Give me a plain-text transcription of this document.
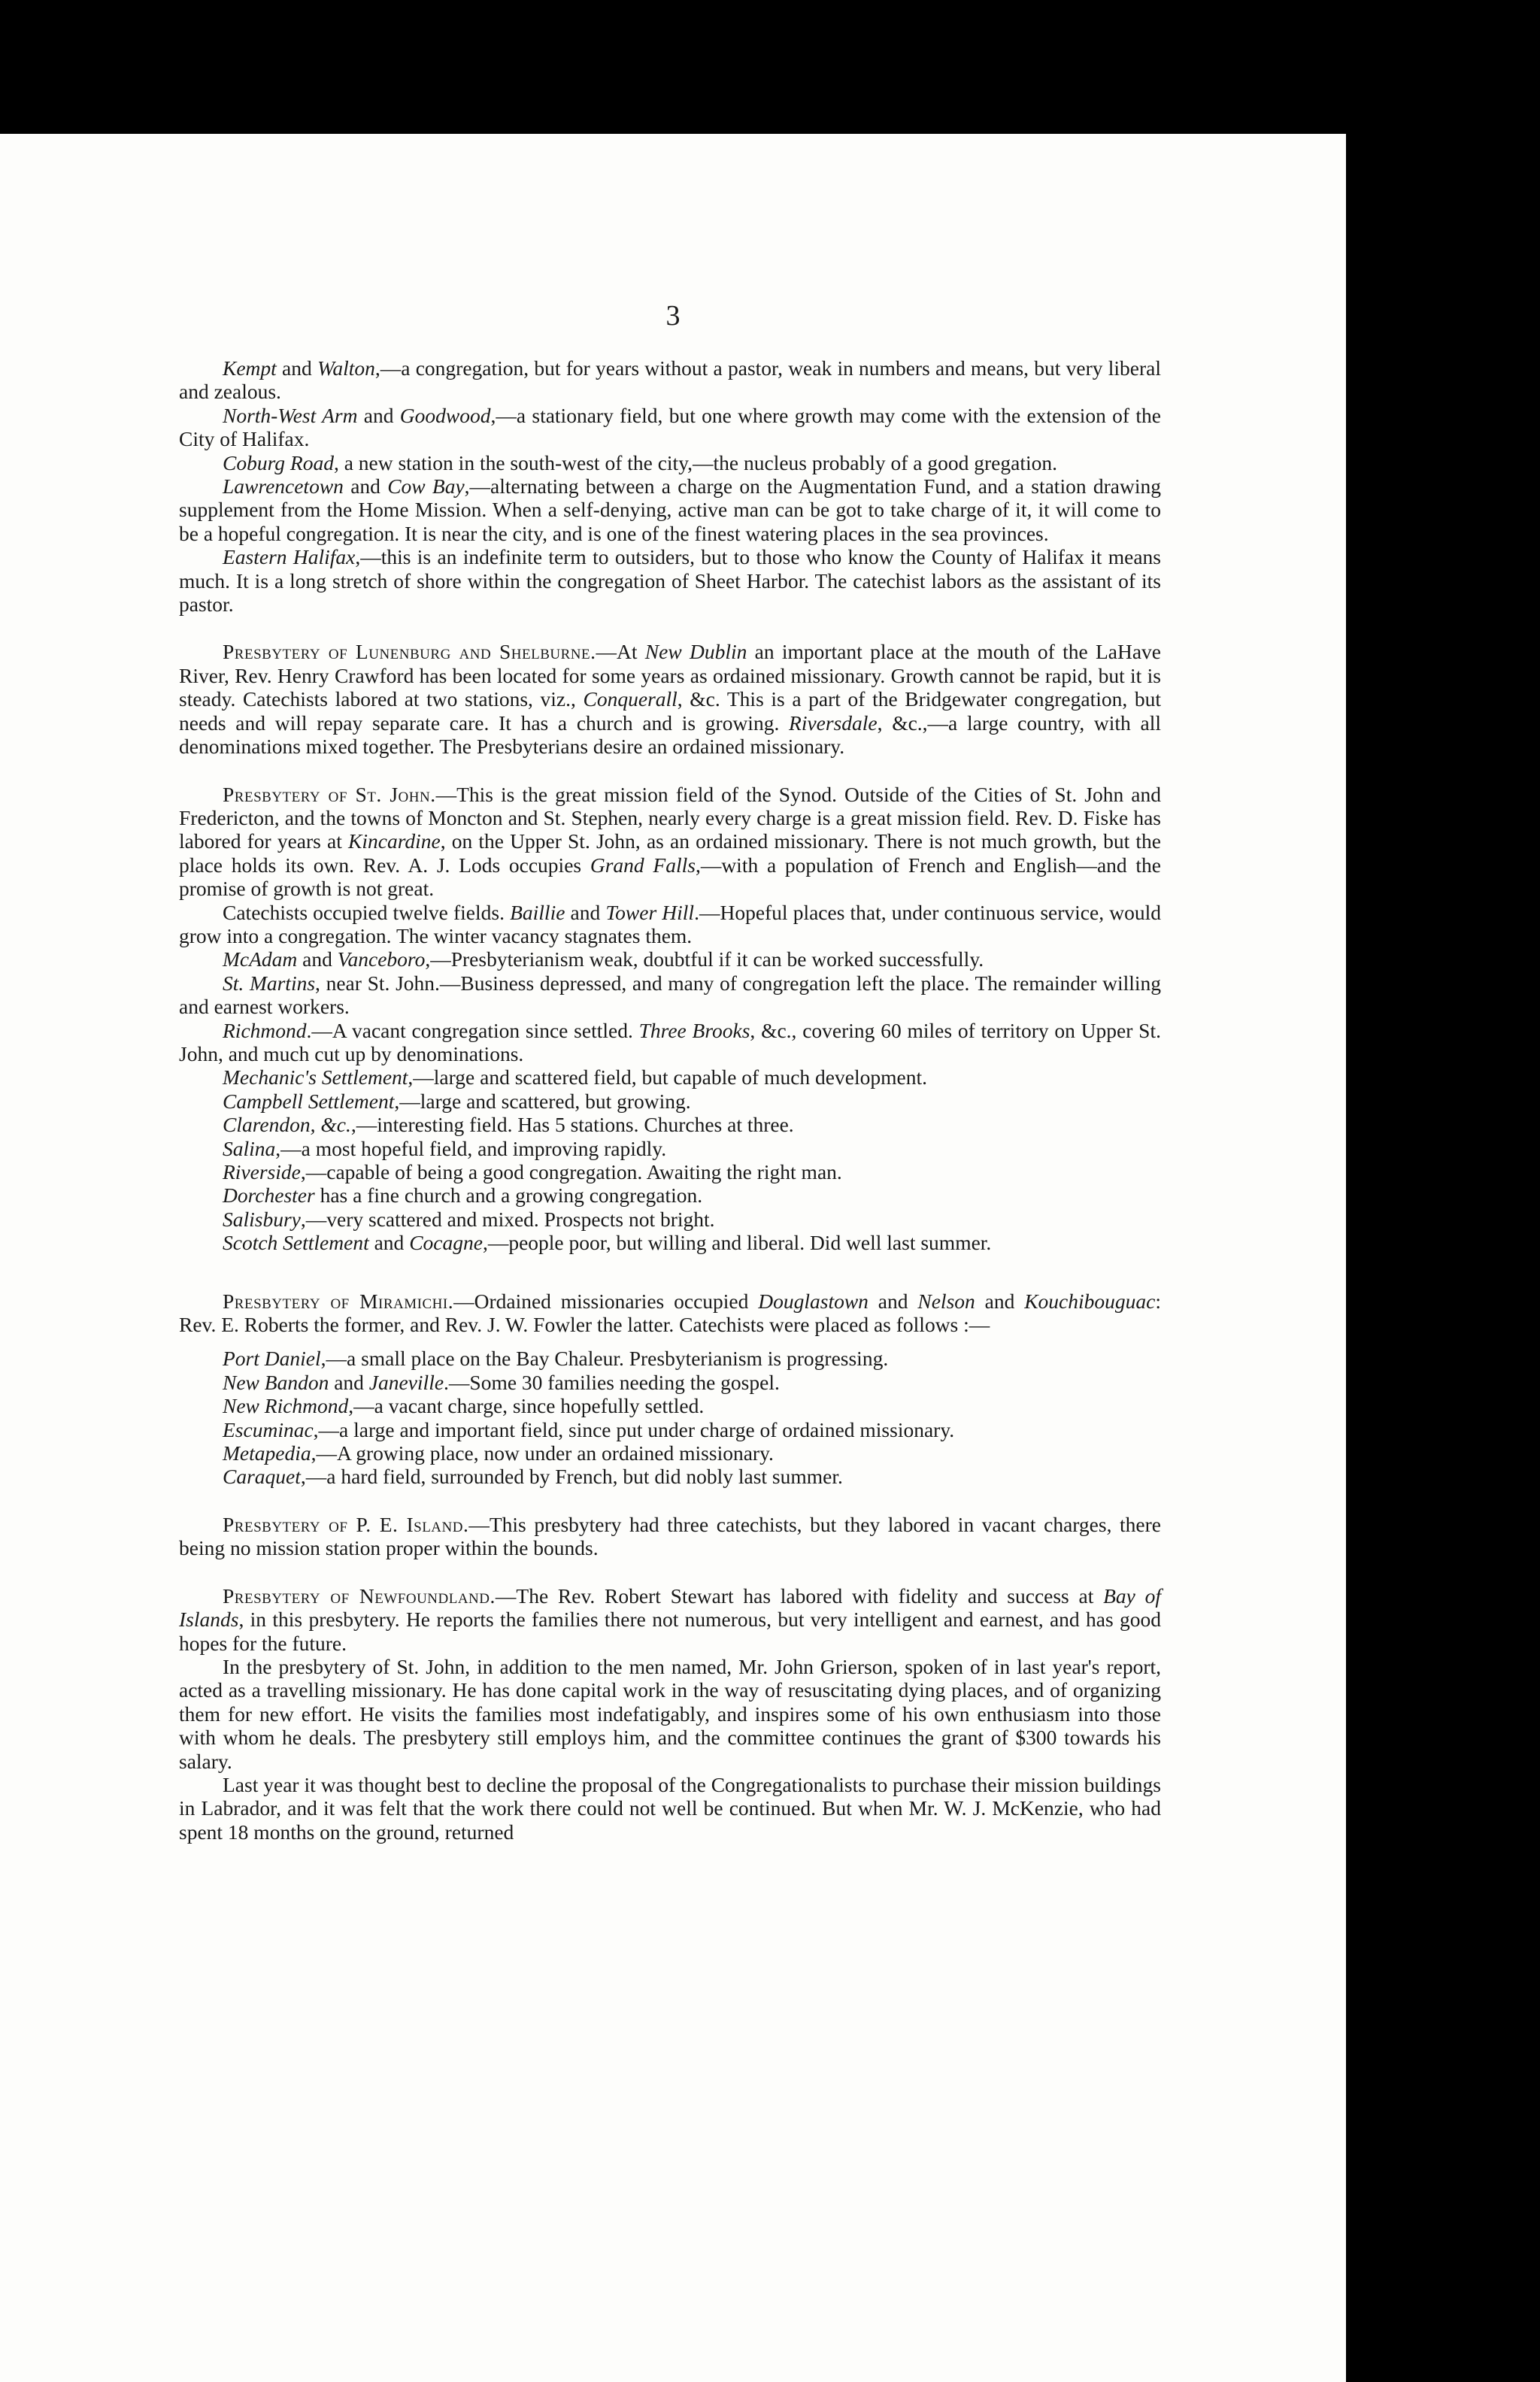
3

Kempt and Walton,—a congregation, but for years without a pastor, weak in numbers and means, but very liberal and zealous.

North-West Arm and Goodwood,—a stationary field, but one where growth may come with the extension of the City of Halifax.

Coburg Road, a new station in the south-west of the city,—the nucleus probably of a good gregation.

Lawrencetown and Cow Bay,—alternating between a charge on the Augmentation Fund, and a station drawing supplement from the Home Mission. When a self-denying, active man can be got to take charge of it, it will come to be a hopeful congregation. It is near the city, and is one of the finest watering places in the sea provinces.

Eastern Halifax,—this is an indefinite term to outsiders, but to those who know the County of Halifax it means much. It is a long stretch of shore within the congregation of Sheet Harbor. The catechist labors as the assistant of its pastor.

Presbytery of Lunenburg and Shelburne.—At New Dublin an important place at the mouth of the LaHave River, Rev. Henry Crawford has been located for some years as ordained missionary. Growth cannot be rapid, but it is steady. Catechists labored at two stations, viz., Conquerall, &c. This is a part of the Bridgewater congregation, but needs and will repay separate care. It has a church and is growing. Riversdale, &c.,—a large country, with all denominations mixed together. The Presbyterians desire an ordained missionary.

Presbytery of St. John.—This is the great mission field of the Synod. Outside of the Cities of St. John and Fredericton, and the towns of Moncton and St. Stephen, nearly every charge is a great mission field. Rev. D. Fiske has labored for years at Kincardine, on the Upper St. John, as an ordained missionary. There is not much growth, but the place holds its own. Rev. A. J. Lods occupies Grand Falls,—with a population of French and English—and the promise of growth is not great.

Catechists occupied twelve fields. Baillie and Tower Hill.—Hopeful places that, under continuous service, would grow into a congregation. The winter vacancy stagnates them.

McAdam and Vanceboro,—Presbyterianism weak, doubtful if it can be worked successfully.

St. Martins, near St. John.—Business depressed, and many of congregation left the place. The remainder willing and earnest workers.

Richmond.—A vacant congregation since settled. Three Brooks, &c., covering 60 miles of territory on Upper St. John, and much cut up by denominations.

Mechanic's Settlement,—large and scattered field, but capable of much development.

Campbell Settlement,—large and scattered, but growing.

Clarendon, &c.,—interesting field. Has 5 stations. Churches at three.

Salina,—a most hopeful field, and improving rapidly.

Riverside,—capable of being a good congregation. Awaiting the right man.

Dorchester has a fine church and a growing congregation.

Salisbury,—very scattered and mixed. Prospects not bright.

Scotch Settlement and Cocagne,—people poor, but willing and liberal. Did well last summer.

Presbytery of Miramichi.—Ordained missionaries occupied Douglastown and Nelson and Kouchibouguac: Rev. E. Roberts the former, and Rev. J. W. Fowler the latter. Catechists were placed as follows :—

Port Daniel,—a small place on the Bay Chaleur. Presbyterianism is progressing.

New Bandon and Janeville.—Some 30 families needing the gospel.

New Richmond,—a vacant charge, since hopefully settled.

Escuminac,—a large and important field, since put under charge of ordained missionary.

Metapedia,—A growing place, now under an ordained missionary.

Caraquet,—a hard field, surrounded by French, but did nobly last summer.

Presbytery of P. E. Island.—This presbytery had three catechists, but they labored in vacant charges, there being no mission station proper within the bounds.

Presbytery of Newfoundland.—The Rev. Robert Stewart has labored with fidelity and success at Bay of Islands, in this presbytery. He reports the families there not numerous, but very intelligent and earnest, and has good hopes for the future.

In the presbytery of St. John, in addition to the men named, Mr. John Grierson, spoken of in last year's report, acted as a travelling missionary. He has done capital work in the way of resuscitating dying places, and of organizing them for new effort. He visits the families most indefatigably, and inspires some of his own enthusiasm into those with whom he deals. The presbytery still employs him, and the committee continues the grant of $300 towards his salary.

Last year it was thought best to decline the proposal of the Congregationalists to purchase their mission buildings in Labrador, and it was felt that the work there could not well be continued. But when Mr. W. J. McKenzie, who had spent 18 months on the ground, returned
